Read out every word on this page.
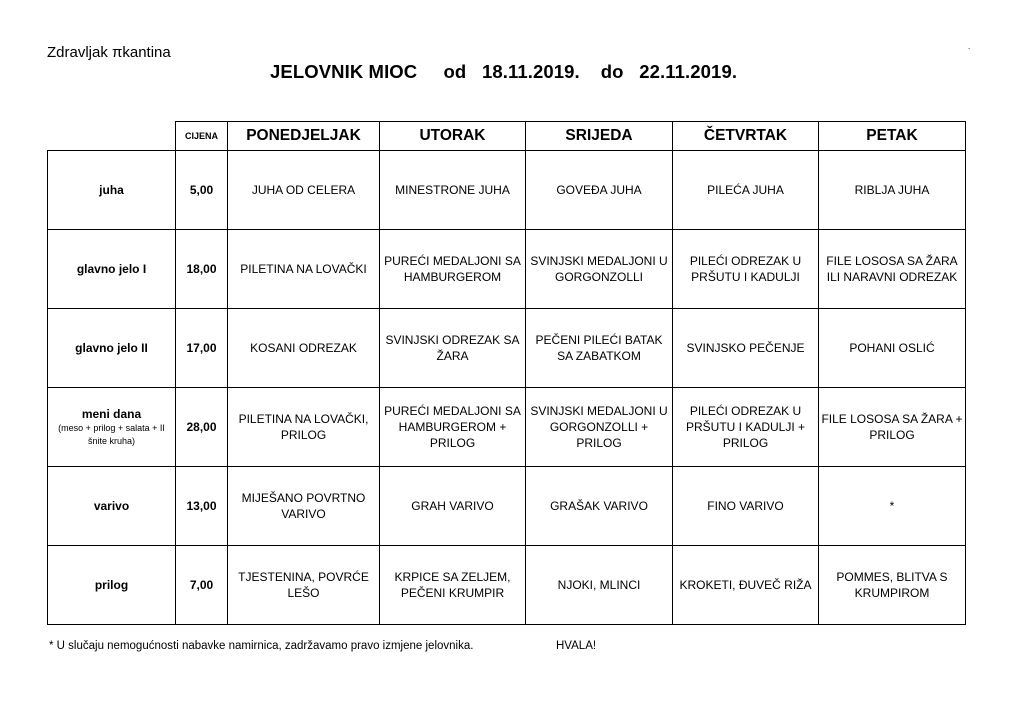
Zdravljak πkantina	.
JELOVNIK MIOC     od   18.11.2019.    do   22.11.2019.
	CIJENA	PONEDJELJAK	UTORAK	SRIJEDA	ČETVRTAK	PETAK
juha	5,00	JUHA OD CELERA	MINESTRONE JUHA	GOVEĐA JUHA	PILEĆA JUHA	RIBLJA JUHA
glavno jelo I	18,00	PILETINA NA LOVAČKI	PUREĆI MEDALJONI SA HAMBURGEROM	SVINJSKI MEDALJONI U GORGONZOLLI	PILEĆI ODREZAK U PRŠUTU I KADULJI	FILE LOSOSA SA ŽARA ILI NARAVNI ODREZAK
glavno jelo II	17,00	KOSANI ODREZAK	SVINJSKI ODREZAK SA ŽARA	PEČENI PILEĆI BATAK SA ZABATKOM	SVINJSKO PEČENJE	POHANI OSLIĆ
meni dana
(meso + prilog + salata + II šnite kruha)	28,00	PILETINA NA LOVAČKI, PRILOG	PUREĆI MEDALJONI SA HAMBURGEROM + PRILOG	SVINJSKI MEDALJONI U GORGONZOLLI + PRILOG	PILEĆI ODREZAK U PRŠUTU I KADULJI + PRILOG	FILE LOSOSA SA ŽARA + PRILOG
varivo	13,00	MIJEŠANO POVRTNO VARIVO	GRAH VARIVO	GRAŠAK VARIVO	FINO VARIVO	*
prilog	7,00	TJESTENINA, POVRĆE LEŠO	KRPICE SA ZELJEM, PEČENI KRUMPIR	NJOKI, MLINCI	KROKETI, ĐUVEČ RIŽA	POMMES, BLITVA S KRUMPIROM
* U slučaju nemogućnosti nabavke namirnica, zadržavamo pravo izmjene jelovnika.	HVALA!
